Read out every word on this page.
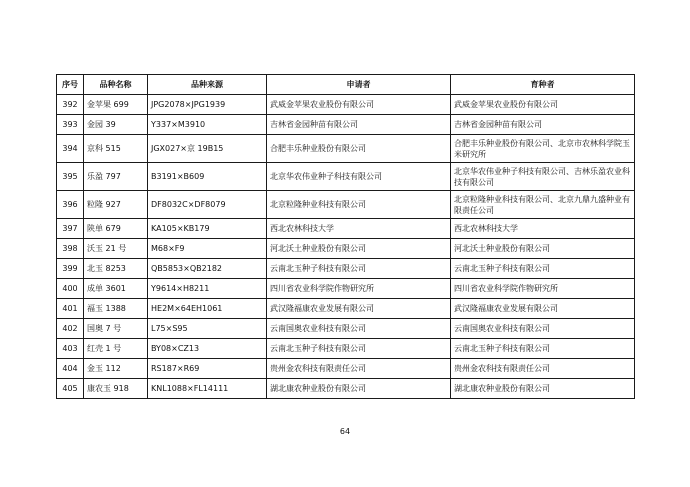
序号	品种名称	品种来源	申请者	育种者
392	金苹果 699	JPG2078×JPG1939	武威金苹果农业股份有限公司	武威金苹果农业股份有限公司
393	金园 39	Y337×M3910	吉林省金园种苗有限公司	吉林省金园种苗有限公司
394	京科 515	JGX027×京 19B15	合肥丰乐种业股份有限公司	合肥丰乐种业股份有限公司、北京市农林科学院玉米研究所
395	乐盈 797	B3191×B609	北京华农伟业种子科技有限公司	北京华农伟业种子科技有限公司、吉林乐盈农业科技有限公司
396	粒隆 927	DF8032C×DF8079	北京粒隆种业科技有限公司	北京粒隆种业科技有限公司、北京九鼎九盛种业有限责任公司
397	陕单 679	KA105×KB179	西北农林科技大学	西北农林科技大学
398	沃玉 21 号	M68×F9	河北沃土种业股份有限公司	河北沃土种业股份有限公司
399	北玉 8253	QB5853×QB2182	云南北玉种子科技有限公司	云南北玉种子科技有限公司
400	成单 3601	Y9614×H8211	四川省农业科学院作物研究所	四川省农业科学院作物研究所
401	福玉 1388	HE2M×64EH1061	武汉隆福康农业发展有限公司	武汉隆福康农业发展有限公司
402	国奥 7 号	L75×S95	云南国奥农业科技有限公司	云南国奥农业科技有限公司
403	红壳 1 号	BY08×CZ13	云南北玉种子科技有限公司	云南北玉种子科技有限公司
404	金玉 112	RS187×R69	贵州金农科技有限责任公司	贵州金农科技有限责任公司
405	康农玉 918	KNL1088×FL14111	湖北康农种业股份有限公司	湖北康农种业股份有限公司
64
